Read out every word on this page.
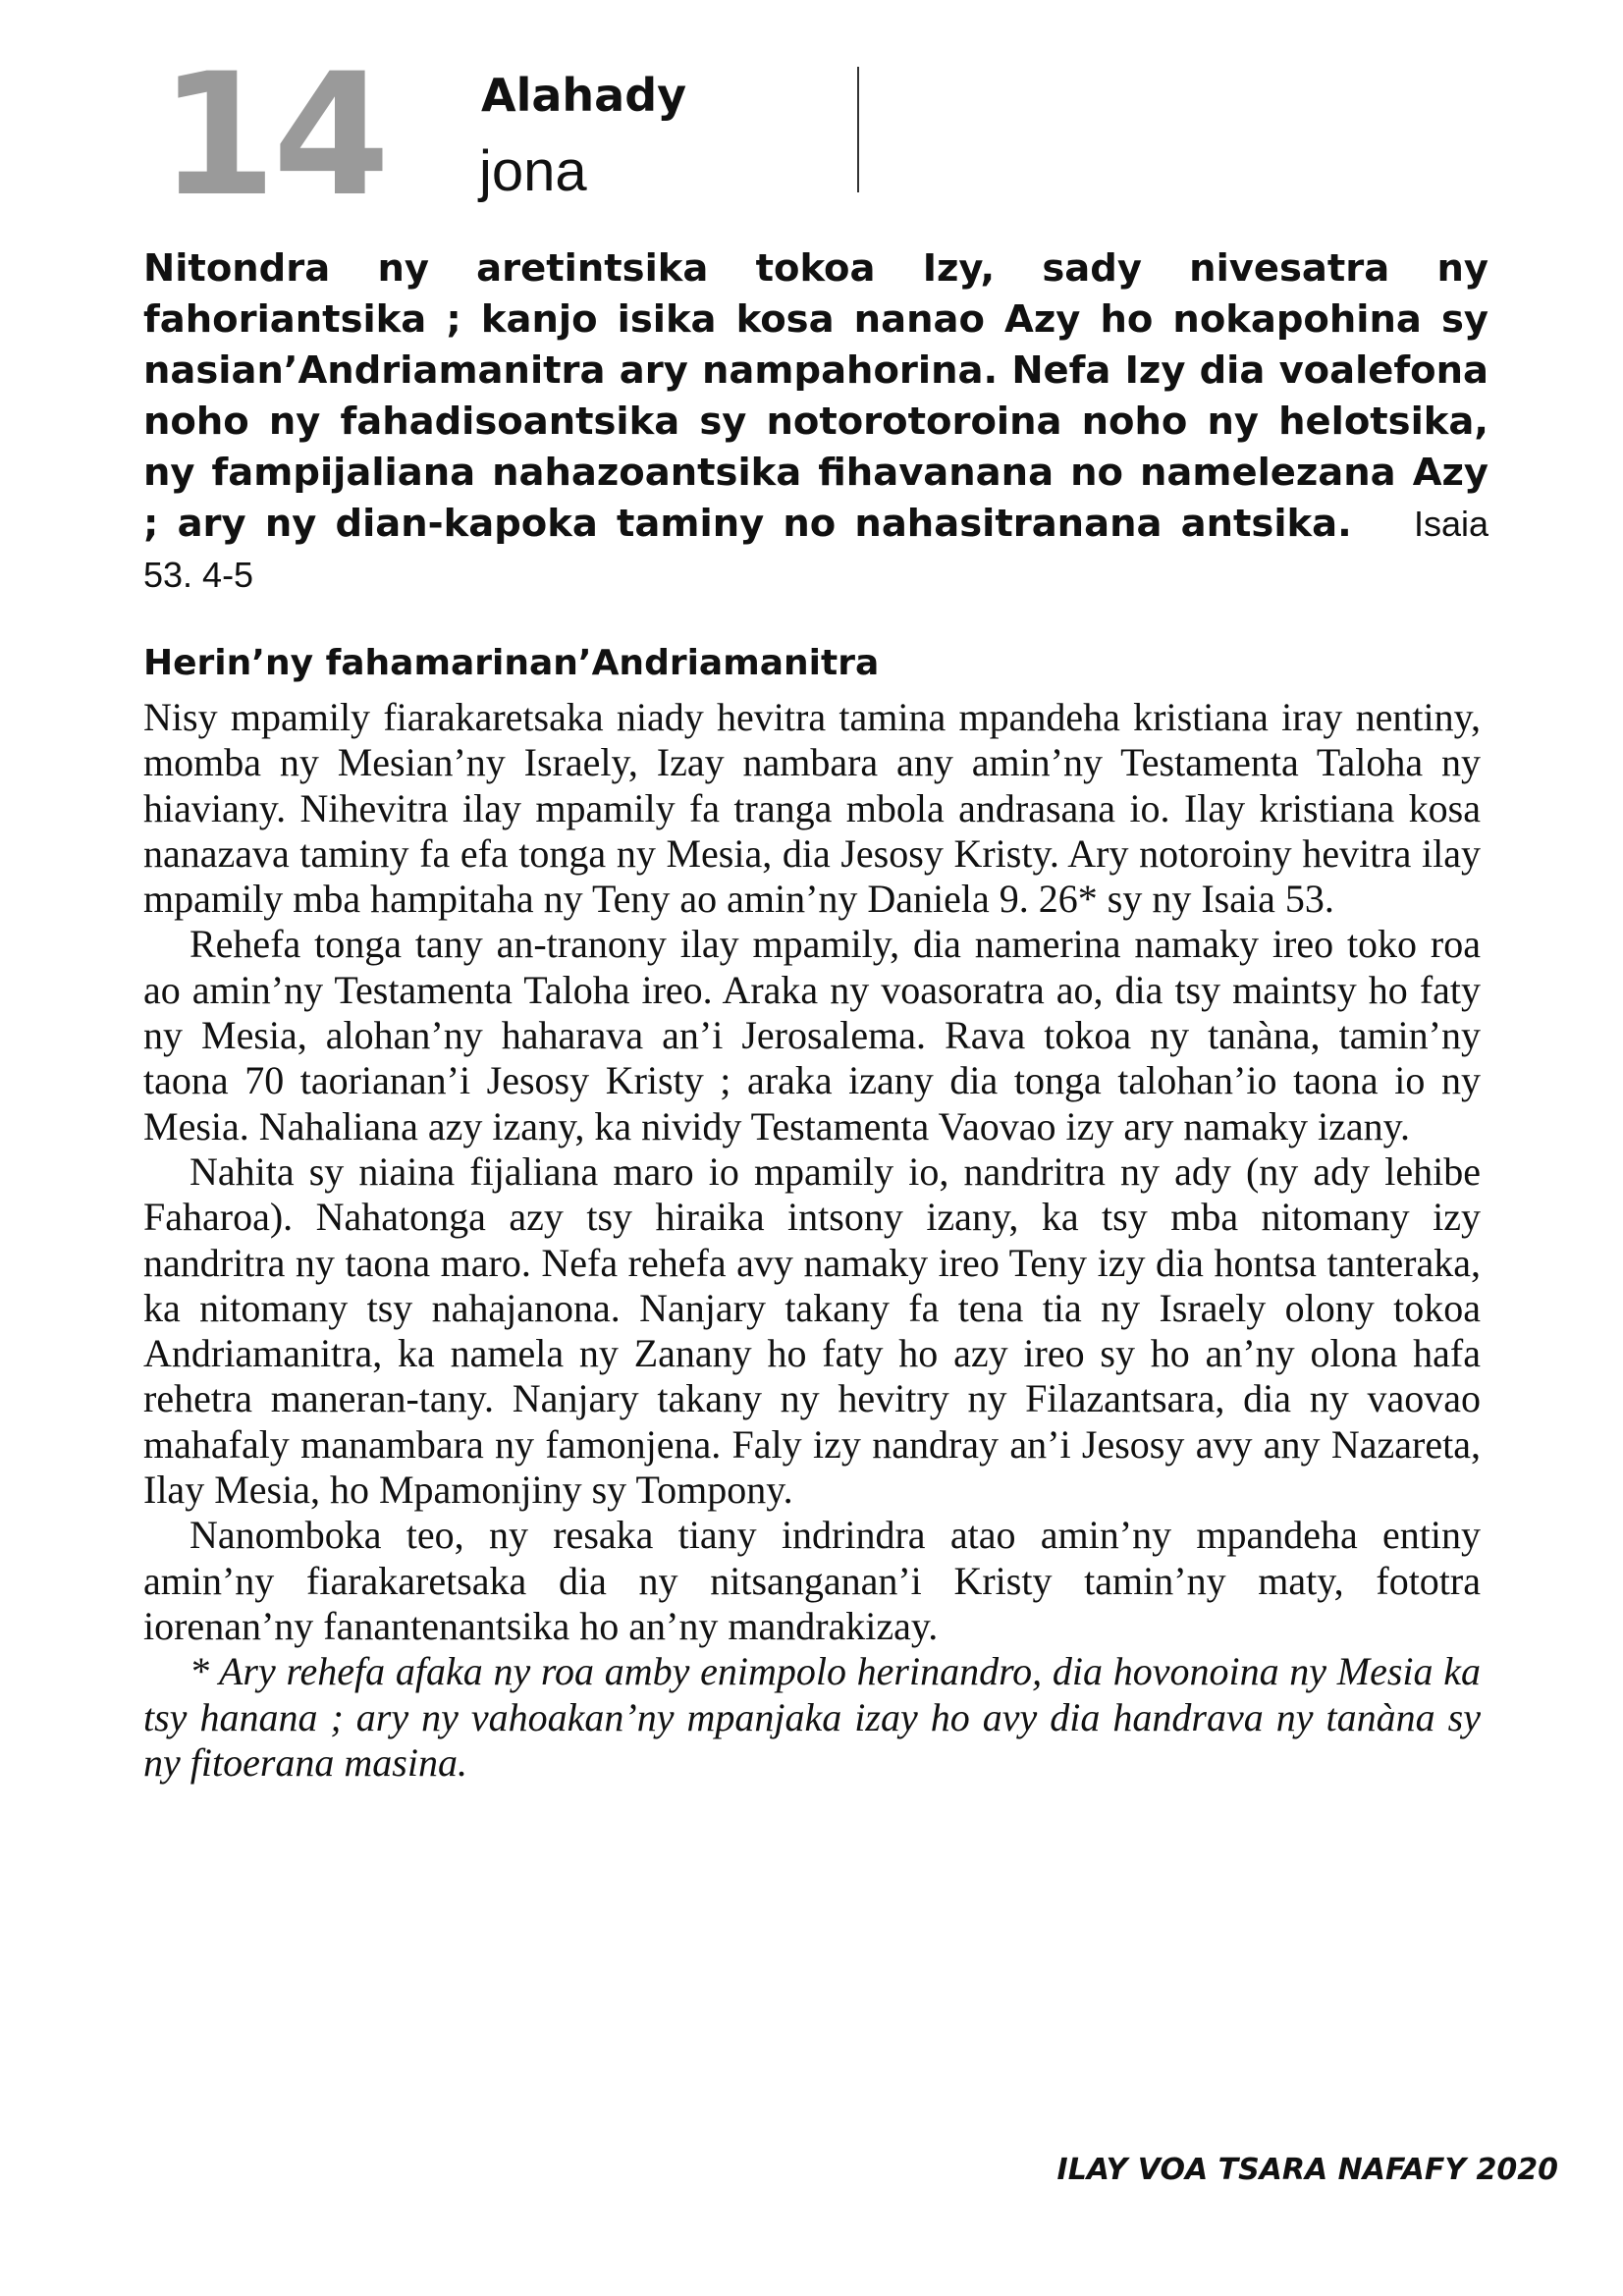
14 Alahady
jona
Nitondra ny aretintsika tokoa Izy, sady nivesatra ny fahoriantsika ; kanjo isika kosa nanao Azy ho nokapohina sy nasian’Andriamanitra ary nampahorina. Nefa Izy dia voalefona noho ny fahadisoantsika sy notorotoroina noho ny helotsika, ny fampijaliana nahazoantsika fihavanana no namelezana Azy ; ary ny dian-kapoka taminy no nahasitranana antsika. Isaia 53. 4-5
Herin’ny fahamarinan’Andriamanitra

Nisy mpamily fiarakaretsaka niady hevitra tamina mpandeha kristiana iray nentiny, momba ny Mesian’ny Israely, Izay nambara any amin’ny Testamenta Taloha ny hiaviany. Nihevitra ilay mpamily fa tranga mbola andrasana io. Ilay kristiana kosa nanazava taminy fa efa tonga ny Mesia, dia Jesosy Kristy. Ary notoroiny hevitra ilay mpamily mba hampitaha ny Teny ao amin’ny Daniela 9. 26* sy ny Isaia 53.

Rehefa tonga tany an-tranony ilay mpamily, dia namerina namaky ireo toko roa ao amin’ny Testamenta Taloha ireo. Araka ny voasoratra ao, dia tsy maintsy ho faty ny Mesia, alohan’ny haharava an’i Jerosalema. Rava tokoa ny tanàna, tamin’ny taona 70 taorianan’i Jesosy Kristy ; araka izany dia tonga talohan’io taona io ny Mesia. Nahaliana azy izany, ka nividy Testamenta Vaovao izy ary namaky izany.

Nahita sy niaina fijaliana maro io mpamily io, nandritra ny ady (ny ady lehibe Faharoa). Nahatonga azy tsy hiraika intsony izany, ka tsy mba nitomany izy nandritra ny taona maro. Nefa rehefa avy namaky ireo Teny izy dia hontsa tanteraka, ka nitomany tsy nahajanona. Nanjary takany fa tena tia ny Israely olony tokoa Andriamanitra, ka namela ny Zanany ho faty ho azy ireo sy ho an’ny olona hafa rehetra maneran-tany. Nanjary takany ny hevitry ny Filazantsara, dia ny vaovao mahafaly manambara ny famonjena. Faly izy nandray an’i Jesosy avy any Nazareta, Ilay Mesia, ho Mpamonjiny sy Tompony.

Nanomboka teo, ny resaka tiany indrindra atao amin’ny mpandeha entiny amin’ny fiarakaretsaka dia ny nitsanganan’i Kristy tamin’ny maty, fototra iorenan’ny fanantenantsika ho an’ny mandrakizay.

* Ary rehefa afaka ny roa amby enimpolo herinandro, dia hovonoina ny Mesia ka tsy hanana ; ary ny vahoakan’ny mpanjaka izay ho avy dia handrava ny tanàna sy ny fitoerana masina.

ILAY VOA TSARA NAFAFY 2020
